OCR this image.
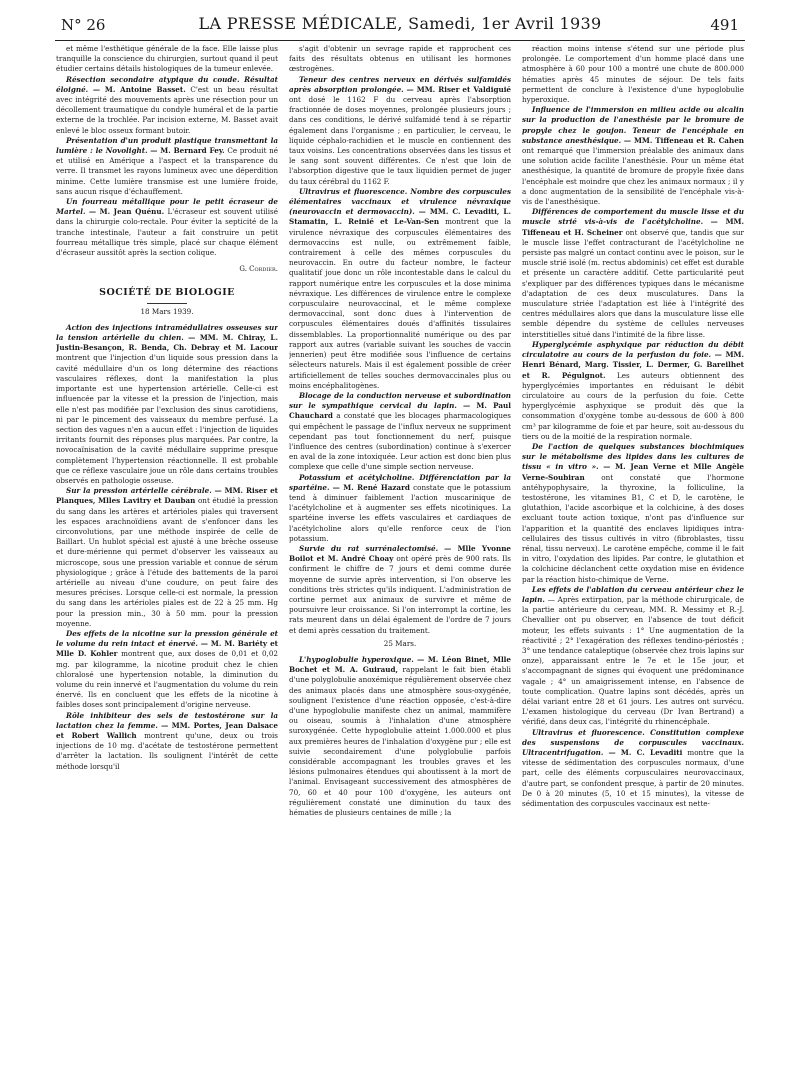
N° 26	LA PRESSE MÉDICALE, Samedi, 1er Avril 1939	491

et même l'esthétique générale de la face. Elle laisse plus tranquille la conscience du chirurgien, surtout quand il peut étudier certains détails histologiques de la tumeur enlevée.

Résection secondaire atypique du coude. Résultat éloigné. — M. Antoine Basset. C'est un beau résultat avec intégrité des mouvements après une résection pour un décollement traumatique du condyle huméral et de la partie externe de la trochlée. Par incision externe, M. Basset avait enlevé le bloc osseux formant butoir.

Présentation d'un produit plastique transmettant la lumière : le Novolight. — M. Bernard Fey. Ce produit né et utilisé en Amérique a l'aspect et la transparence du verre. Il transmet les rayons lumineux avec une déperdition minime. Cette lumière transmise est une lumière froide, sans aucun risque d'échauffement.

Un fourreau métallique pour le petit écraseur de Martel. — M. Jean Quénu. L'écraseur est souvent utilisé dans la chirurgie colo-rectale. Pour éviter la septicité de la tranche intestinale, l'auteur a fait construire un petit fourreau métallique très simple, placé sur chaque élément d'écraseur aussitôt après la section colique.

G. Cordier.

SOCIÉTÉ DE BIOLOGIE

18 Mars 1939.

Action des injections intramédullaires osseuses sur la tension artérielle du chien. — MM. M. Chiray, L. Justin-Besançon, R. Benda, Ch. Debray et M. Lacour montrent que l'injection d'un liquide sous pression dans la cavité médullaire d'un os long détermine des réactions vasculaires réflexes, dont la manifestation la plus importante est une hypertension artérielle. Celle-ci est influencée par la vitesse et la pression de l'injection, mais elle n'est pas modifiée par l'exclusion des sinus carotidiens, ni par le pincement des vaisseaux du membre perfusé. La section des vagues n'en a aucun effet : l'injection de liquides irritants fournit des réponses plus marquées. Par contre, la novocaïnisation de la cavité médullaire supprime presque complètement l'hypertension réactionnelle. Il est probable que ce réflexe vasculaire joue un rôle dans certains troubles observés en pathologie osseuse.

Sur la pression artérielle cérébrale. — MM. Riser et Planques, Mlles Lavitry et Dauban ont étudié la pression du sang dans les artères et artérioles piales qui traversent les espaces arachnoïdiens avant de s'enfoncer dans les circonvolutions, par une méthode inspirée de celle de Baillart. Un hublot spécial est ajusté à une brèche osseuse et dure-mérienne qui permet d'observer les vaisseaux au microscope, sous une pression variable et connue de sérum physiologique ; grâce à l'étude des battements de la paroi artérielle au niveau d'une coudure, on peut faire des mesures précises. Lorsque celle-ci est normale, la pression du sang dans les artérioles piales est de 22 à 25 mm. Hg pour la pression min., 30 à 50 mm. pour la pression moyenne.

Des effets de la nicotine sur la pression générale et le volume du rein intact et énervé. — M. M. Bariéty et Mlle D. Kohler montrent que, aux doses de 0,01 et 0,02 mg. par kilogramme, la nicotine produit chez le chien chloralosé une hypertension notable, la diminution du volume du rein innervé et l'augmentation du volume du rein énervé. Ils en concluent que les effets de la nicotine à faibles doses sont principalement d'origine nerveuse.

Rôle inhibiteur des sels de testostérone sur la lactation chez la femme. — MM. Portes, Jean Dalsace et Robert Wallich montrent qu'une, deux ou trois injections de 10 mg. d'acétate de testostérone permettent d'arrêter la lactation. Ils soulignent l'intérêt de cette méthode lorsqu'il

s'agit d'obtenir un sevrage rapide et rapprochent ces faits des résultats obtenus en utilisant les hormones œstrogènes.

Teneur des centres nerveux en dérivés sulfamidés après absorption prolongée. — MM. Riser et Valdiguié ont dosé le 1162 F du cerveau après l'absorption fractionnée de doses moyennes, prolongée plusieurs jours ; dans ces conditions, le dérivé sulfamidé tend à se répartir également dans l'organisme ; en particulier, le cerveau, le liquide céphalo-rachidien et le muscle en contiennent des taux voisins. Les concentrations observées dans les tissus et le sang sont souvent différentes. Ce n'est que loin de l'absorption digestive que le taux liquidien permet de juger du taux cérébral du 1162 F.

Ultravirus et fluorescence. Nombre des corpuscules élémentaires vaccinaux et virulence névraxique (neurovaccin et dermovaccin). — MM. C. Levaditi, L. Stamatin, L. Reinié et Le-Van-Sen montrent que la virulence névraxique des corpuscules élémentaires des dermovaccins est nulle, ou extrêmement faible, contrairement à celle des mêmes corpuscules du neurovaccin. En outre du facteur nombre, le facteur qualitatif joue donc un rôle incontestable dans le calcul du rapport numérique entre les corpuscules et la dose minima névraxique. Les différences de virulence entre le complexe corpusculaire neurovaccinal, et le même complexe dermovaccinal, sont donc dues à l'intervention de corpuscules élémentaires doués d'affinités tissulaires dissemblables. La proportionnalité numérique ou des par rapport aux autres (variable suivant les souches de vaccin jennerien) peut être modifiée sous l'influence de certains sélecteurs naturels. Mais il est également possible de créer artificiellement de telles souches dermovaccinales plus ou moins encéphalitogènes.

Blocage de la conduction nerveuse et subordination sur le sympathique cervical du lapin. — M. Paul Chauchard a constaté que les blocages pharmacologiques qui empêchent le passage de l'influx nerveux ne suppriment cependant pas tout fonctionnement du nerf, puisque l'influence des centres (subordination) continue à s'exercer en aval de la zone intoxiquée. Leur action est donc bien plus complexe que celle d'une simple section nerveuse.

Potassium et acétylcholine. Différenciation par la spartéine. — M. René Hazard constate que le potassium tend à diminuer faiblement l'action muscarinique de l'acétylcholine et à augmenter ses effets nicotiniques. La spartéine inverse les effets vasculaires et cardiaques de l'acétylcholine alors qu'elle renforce ceux de l'ion potassium.

Survie du rat surrénalectomisé. — Mlle Yvonne Boilot et M. André Choay ont opéré près de 900 rats. Ils confirment le chiffre de 7 jours et demi comme durée moyenne de survie après intervention, si l'on observe les conditions très strictes qu'ils indiquent. L'administration de cortine permet aux animaux de survivre et même de poursuivre leur croissance. Si l'on interrompt la cortine, les rats meurent dans un délai également de l'ordre de 7 jours et demi après cessation du traitement.

25 Mars.

L'hypoglobulie hyperoxique. — M. Léon Binet, Mlle Bochet et M. A. Guiraud, rappelant le fait bien établi d'une polyglobulie anoxémique régulièrement observée chez des animaux placés dans une atmosphère sous-oxygénée, soulignent l'existence d'une réaction opposée, c'est-à-dire d'une hypoglobulie manifeste chez un animal, mammifère ou oiseau, soumis à l'inhalation d'une atmosphère suroxygénée. Cette hypoglobulie atteint 1.000.000 et plus aux premières heures de l'inhalation d'oxygène pur ; elle est suivie secondairement d'une polyglobulie parfois considérable accompagnant les troubles graves et les lésions pulmonaires étendues qui aboutissent à la mort de l'animal. Envisageant successivement des atmosphères de 70, 60 et 40 pour 100 d'oxygène, les auteurs ont régulièrement constaté une diminution du taux des hématies de plusieurs centaines de mille ; la

réaction moins intense s'étend sur une période plus prolongée. Le comportement d'un homme placé dans une atmosphère à 60 pour 100 a montré une chute de 800.000 hématies après 45 minutes de séjour. De tels faits permettent de conclure à l'existence d'une hypoglobulie hyperoxique.

Influence de l'immersion en milieu acide ou alcalin sur la production de l'anesthésie par le bromure de propyle chez le goujon. Teneur de l'encéphale en substance anesthésique. — MM. Tiffeneau et R. Cahen ont remarqué que l'immersion préalable des animaux dans une solution acide facilite l'anesthésie. Pour un même état anesthésique, la quantité de bromure de propyle fixée dans l'encéphale est moindre que chez les animaux normaux ; il y a donc augmentation de la sensibilité de l'encéphale vis-à-vis de l'anesthésique.

Différences de comportement du muscle lisse et du muscle strié vis-à-vis de l'acétylcholine. — MM. Tiffeneau et H. Scheiner ont observé que, tandis que sur le muscle lisse l'effet contracturant de l'acétylcholine ne persiste pas malgré un contact continu avec le poison, sur le muscle strié isolé (m. rectus abdominis) cet effet est durable et présente un caractère additif. Cette particularité peut s'expliquer par des différences typiques dans le mécanisme d'adaptation de ces deux musculatures. Dans la musculature striée l'adaptation est liée à l'intégrité des centres médullaires alors que dans la musculature lisse elle semble dépendre du système de cellules nerveuses interstitielles situé dans l'intimité de la fibre lisse.

Hyperglycémie asphyxique par réduction du débit circulatoire au cours de la perfusion du foie. — MM. Henri Bénard, Marg. Tissier, L. Dermer, G. Bareilhet et R. Pégulgnot. Les auteurs obtiennent des hyperglycémies importantes en réduisant le débit circulatoire au cours de la perfusion du foie. Cette hyperglycémie asphyxique se produit dès que la consommation d'oxygène tombe au-dessous de 600 à 800 cm³ par kilogramme de foie et par heure, soit au-dessous du tiers ou de la moitié de la respiration normale.

De l'action de quelques substances biochimiques sur le métabolisme des lipides dans les cultures de tissu « in vitro ». — M. Jean Verne et Mlle Angèle Verne-Soubiran ont constaté que l'hormone antéhypophysaire, la thyroxine, la folliculine, la testostérone, les vitamines B1, C et D, le carotène, le glutathion, l'acide ascorbique et la colchicine, à des doses excluant toute action toxique, n'ont pas d'influence sur l'apparition et la quantité des enclaves lipidiques intra-cellulaires des tissus cultivés in vitro (fibroblastes, tissu rénal, tissu nerveux). Le carotène empêche, comme il le fait in vitro, l'oxydation des lipides. Par contre, le glutathion et la colchicine déclanchent cette oxydation mise en évidence par la réaction histo-chimique de Verne.

Les effets de l'ablation du cerveau antérieur chez le lapin. — Après extirpation, par la méthode chirurgicale, de la partie antérieure du cerveau, MM. R. Messimy et R.-J. Chevallier ont pu observer, en l'absence de tout déficit moteur, les effets suivants : 1° Une augmentation de la réactivité ; 2° l'exagération des réflexes tendino-périostés ; 3° une tendance cataleptique (observée chez trois lapins sur onze), apparaissant entre le 7e et le 15e jour, et s'accompagnant de signes qui évoquent une prédominance vagale ; 4° un amaigrissement intense, en l'absence de toute complication. Quatre lapins sont décédés, après un délai variant entre 28 et 61 jours. Les autres ont survécu. L'examen histologique du cerveau (Dr Ivan Bertrand) a vérifié, dans deux cas, l'intégrité du rhinencéphale.

Ultravirus et fluorescence. Constitution complexe des suspensions de corpuscules vaccinaux. Ultracentrifugation. — M. C. Levaditi montre que la vitesse de sédimentation des corpuscules normaux, d'une part, celle des éléments corpusculaires neurovaccinaux, d'autre part, se confondent presque, à partir de 20 minutes. De 0 à 20 minutes (5, 10 et 15 minutes), la vitesse de sédimentation des corpuscules vaccinaux est nette-
